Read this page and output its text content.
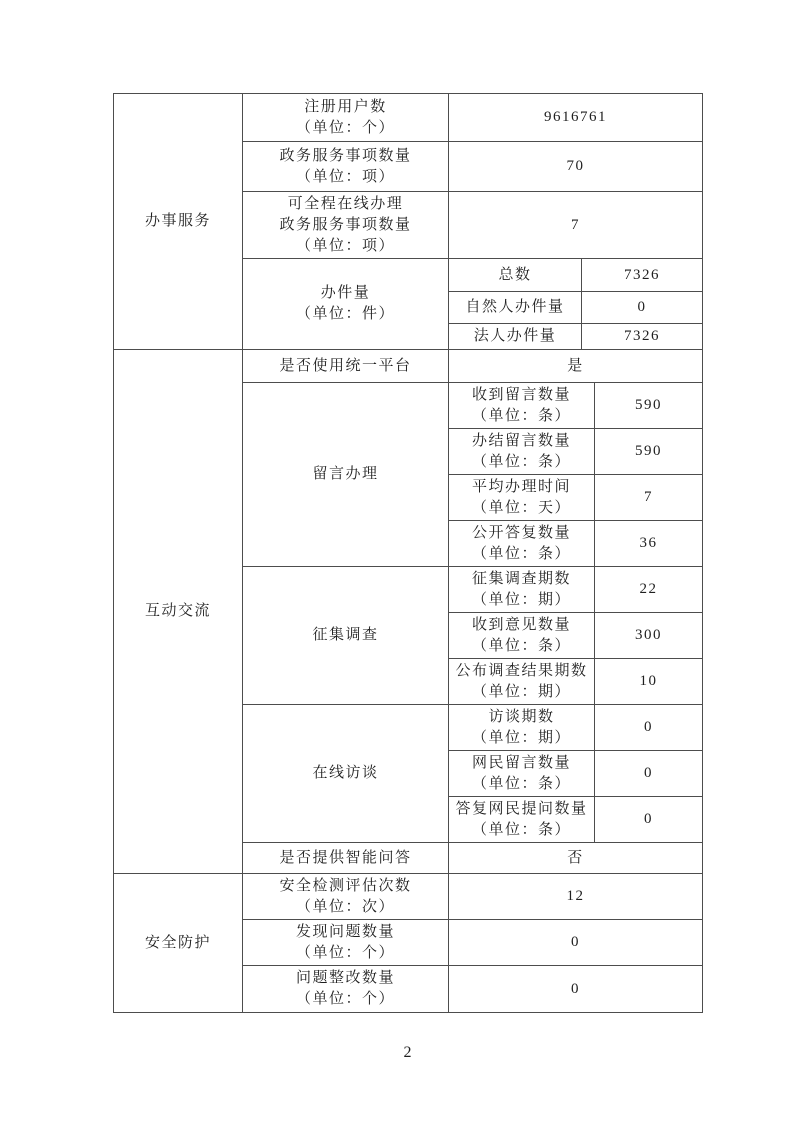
办事服务	注册用户数
（单位：个）	9616761		

	政务服务事项数量
（单位：项）	70		

	可全程在线办理
政务服务事项数量
（单位：项）	7		

	办件量
（单位：件）	总数	7326	
		自然人办件量	0	
		法人办件量	7326	
互动交流	是否使用统一平台	是		
	留言办理	收到留言数量
（单位：条）		590

		办结留言数量
（单位：条）		590

		平均办理时间
（单位：天）		7

		公开答复数量
（单位：条）		36
	征集调查	征集调查期数
（单位：期）		22

		收到意见数量
（单位：条）		300

		公布调查结果期数
（单位：期）		10
	在线访谈	访谈期数
（单位：期）		0

		网民留言数量
（单位：条）		0

		答复网民提问数量
（单位：条）		0
	是否提供智能问答	否		
安全防护	安全检测评估次数
（单位：次）	12		

	发现问题数量
（单位：个）	0		

	问题整改数量
（单位：个）	0		
2
